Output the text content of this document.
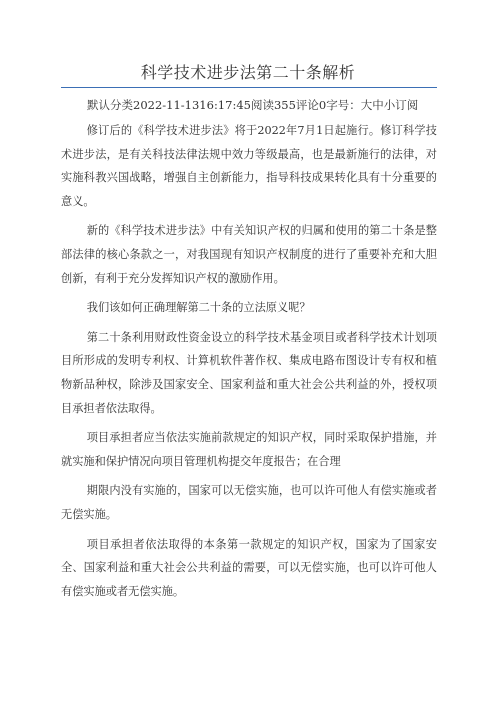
科学技术进步法第二十条解析
默认分类2022-11-1316:17:45阅读355评论0字号：大中小订阅

修订后的《科学技术进步法》将于2022年7月1日起施行。修订科学技术进步法，是有关科技法律法规中效力等级最高，也是最新施行的法律，对实施科教兴国战略，增强自主创新能力，指导科技成果转化具有十分重要的意义。

新的《科学技术进步法》中有关知识产权的归属和使用的第二十条是整部法律的核心条款之一，对我国现有知识产权制度的进行了重要补充和大胆创新，有利于充分发挥知识产权的激励作用。

我们该如何正确理解第二十条的立法原义呢？

第二十条利用财政性资金设立的科学技术基金项目或者科学技术计划项目所形成的发明专利权、计算机软件著作权、集成电路布图设计专有权和植物新品种权，除涉及国家安全、国家利益和重大社会公共利益的外，授权项目承担者依法取得。

项目承担者应当依法实施前款规定的知识产权，同时采取保护措施，并就实施和保护情况向项目管理机构提交年度报告；在合理

期限内没有实施的，国家可以无偿实施，也可以许可他人有偿实施或者无偿实施。

项目承担者依法取得的本条第一款规定的知识产权，国家为了国家安全、国家利益和重大社会公共利益的需要，可以无偿实施，也可以许可他人有偿实施或者无偿实施。
